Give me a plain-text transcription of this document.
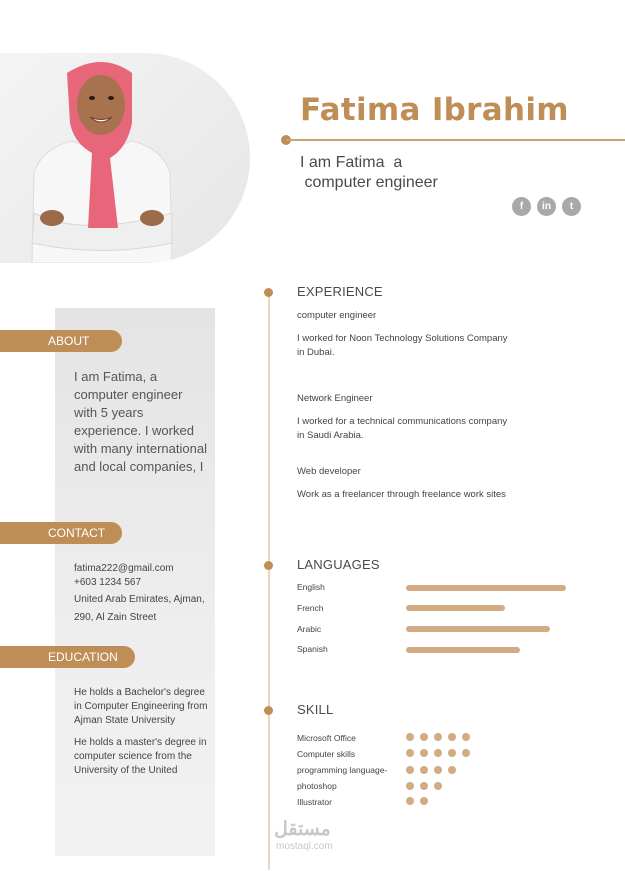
Fatima Ibrahim
I am Fatima  a
computer engineer
f	in	t
ABOUT
I am Fatima, a computer engineer with 5 years experience. I worked with many international and local companies, I
CONTACT
fatima222@gmail.com
+603 1234 567
United Arab Emirates, Ajman,
290, Al Zain Street
EDUCATION
He holds a Bachelor's degree in Computer Engineering from Ajman State University
He holds a master's degree in computer science from the University of the United
EXPERIENCE
computer engineer
I worked for Noon Technology Solutions Company in Dubai.
Network Engineer
I worked for a technical communications company in Saudi Arabia.
Web developer
Work as a freelancer through freelance work sites
LANGUAGES
English
French
Arabic
Spanish
SKILL
Microsoft Office
Computer skills
programming language-
photoshop
Illustrator
مستقل
mostaql.com
